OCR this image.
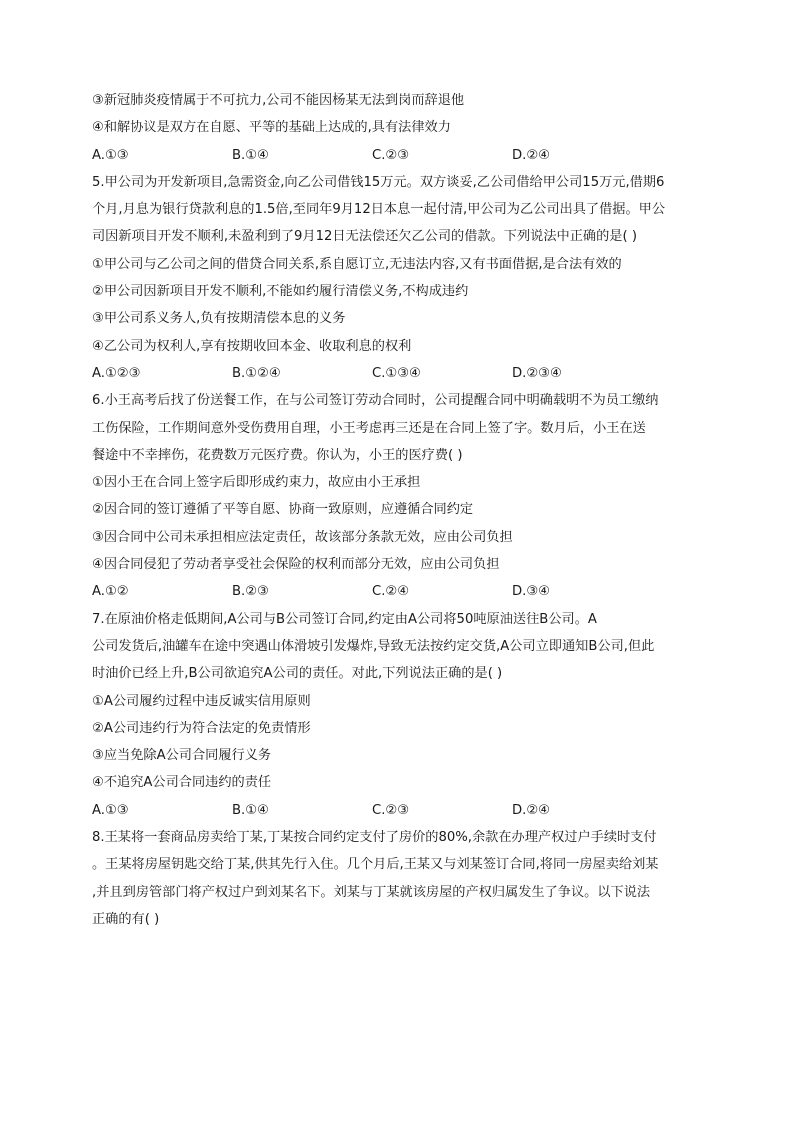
③新冠肺炎疫情属于不可抗力,公司不能因杨某无法到岗而辞退他
④和解协议是双方在自愿、平等的基础上达成的,具有法律效力
A.①③	B.①④	C.②③	D.②④
5.甲公司为开发新项目,急需资金,向乙公司借钱15万元。双方谈妥,乙公司借给甲公司15万元,借期6
个月,月息为银行贷款利息的1.5倍,至同年9月12日本息一起付清,甲公司为乙公司出具了借据。甲公
司因新项目开发不顺利,未盈利到了9月12日无法偿还欠乙公司的借款。下列说法中正确的是( )
①甲公司与乙公司之间的借贷合同关系,系自愿订立,无违法内容,又有书面借据,是合法有效的
②甲公司因新项目开发不顺利,不能如约履行清偿义务,不构成违约
③甲公司系义务人,负有按期清偿本息的义务
④乙公司为权利人,享有按期收回本金、收取利息的权利
A.①②③	B.①②④	C.①③④	D.②③④
6.小王高考后找了份送餐工作，在与公司签订劳动合同时，公司提醒合同中明确载明不为员工缴纳
工伤保险，工作期间意外受伤费用自理，小王考虑再三还是在合同上签了字。数月后，小王在送
餐途中不幸摔伤，花费数万元医疗费。你认为，小王的医疗费( )
①因小王在合同上签字后即形成约束力，故应由小王承担
②因合同的签订遵循了平等自愿、协商一致原则，应遵循合同约定
③因合同中公司未承担相应法定责任，故该部分条款无效，应由公司负担
④因合同侵犯了劳动者享受社会保险的权利而部分无效，应由公司负担
A.①②	B.②③	C.②④	D.③④
7.在原油价格走低期间,A公司与B公司签订合同,约定由A公司将50吨原油送往B公司。A
公司发货后,油罐车在途中突遇山体滑坡引发爆炸,导致无法按约定交货,A公司立即通知B公司,但此
时油价已经上升,B公司欲追究A公司的责任。对此,下列说法正确的是( )
①A公司履约过程中违反诚实信用原则
②A公司违约行为符合法定的免责情形
③应当免除A公司合同履行义务
④不追究A公司合同违约的责任
A.①③	B.①④	C.②③	D.②④
8.王某将一套商品房卖给丁某,丁某按合同约定支付了房价的80%,余款在办理产权过户手续时支付
。王某将房屋钥匙交给丁某,供其先行入住。几个月后,王某又与刘某签订合同,将同一房屋卖给刘某
,并且到房管部门将产权过户到刘某名下。刘某与丁某就该房屋的产权归属发生了争议。以下说法
正确的有( )
